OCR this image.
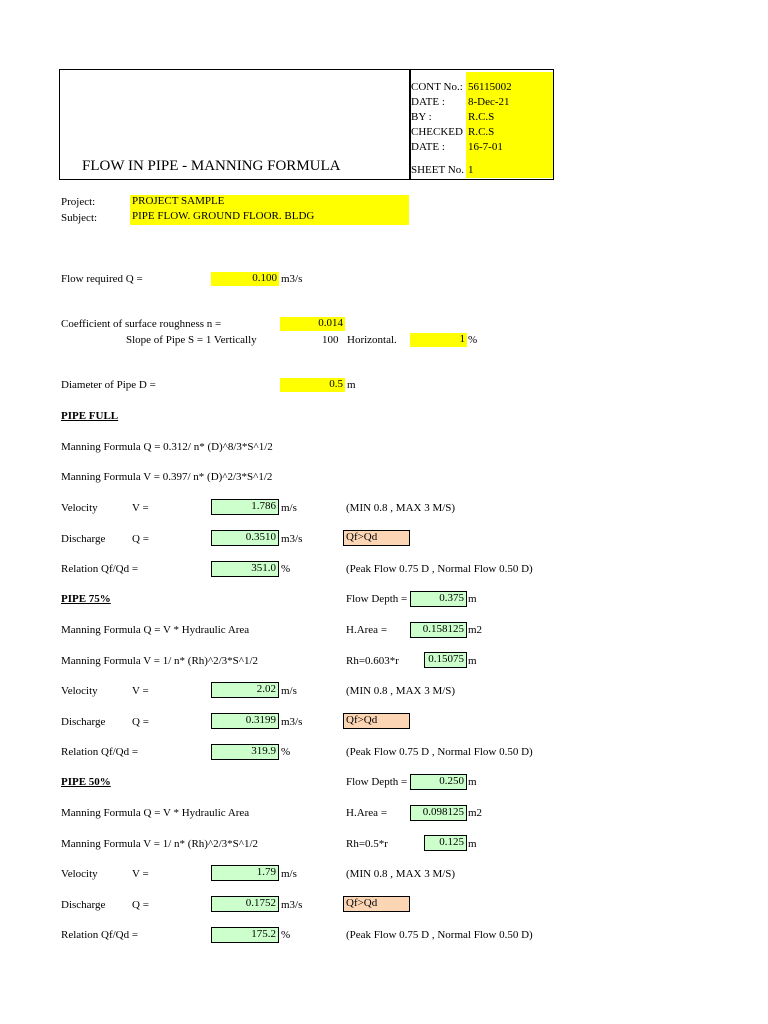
FLOW IN PIPE - MANNING FORMULA
CONT No.: 56115002
DATE : 8-Dec-21
BY :	R.C.S
CHECKED R.C.S
DATE : 16-7-01
SHEET No. 1
Project:	PROJECT SAMPLE
Subject:	PIPE FLOW. GROUND FLOOR. BLDG
Flow required Q =	0.100 m3/s
Coefficient of surface roughness n =	0.014
Slope of Pipe S = 1 Vertically	100 Horizontal.	1 %
Diameter of Pipe D =	0.5 m
PIPE FULL
Manning Formula Q = 0.312/ n* (D)^8/3*S^1/2
Manning Formula V = 0.397/ n* (D)^2/3*S^1/2
Velocity	V =	1.786 m/s	(MIN 0.8 , MAX 3 M/S)
Discharge Q =	0.3510 m3/s	Qf>Qd
Relation Qf/Qd =	351.0 %	(Peak Flow 0.75 D , Normal Flow 0.50 D)
PIPE 75%	Flow Depth =	0.375 m
Manning Formula Q = V * Hydraulic Area	H.Area =	0.158125 m2
Manning Formula V = 1/ n* (Rh)^2/3*S^1/2	Rh=0.603*r	0.15075 m
Velocity	V =	2.02 m/s	(MIN 0.8 , MAX 3 M/S)
Discharge Q =	0.3199 m3/s	Qf>Qd
Relation Qf/Qd =	319.9 %	(Peak Flow 0.75 D , Normal Flow 0.50 D)
PIPE 50%	Flow Depth =	0.250 m
Manning Formula Q = V * Hydraulic Area	H.Area =	0.098125 m2
Manning Formula V = 1/ n* (Rh)^2/3*S^1/2	Rh=0.5*r	0.125 m
Velocity	V =	1.79 m/s	(MIN 0.8 , MAX 3 M/S)
Discharge Q =	0.1752 m3/s	Qf>Qd
Relation Qf/Qd =	175.2 %	(Peak Flow 0.75 D , Normal Flow 0.50 D)
